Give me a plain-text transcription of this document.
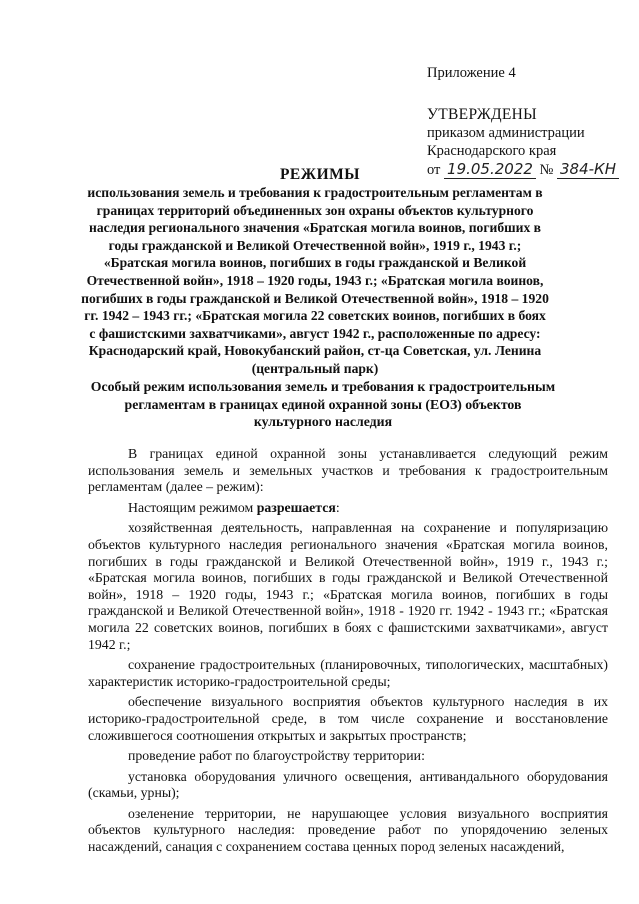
Приложение 4
УТВЕРЖДЕНЫ
приказом администрации
Краснодарского края
от 19.05.2022 № 384-КН
РЕЖИМЫ
использования земель и требования к градостроительным регламентам в границах территорий объединенных зон охраны объектов культурного наследия регионального значения «Братская могила воинов, погибших в годы гражданской и Великой Отечественной войн», 1919 г., 1943 г.; «Братская могила воинов, погибших в годы гражданской и Великой Отечественной войн», 1918 – 1920 годы, 1943 г.; «Братская могила воинов, погибших в годы гражданской и Великой Отечественной войн», 1918 – 1920 гг. 1942 – 1943 гг.; «Братская могила 22 советских воинов, погибших в боях с фашистскими захватчиками», август 1942 г., расположенные по адресу: Краснодарский край, Новокубанский район, ст-ца Советская, ул. Ленина (центральный парк)
Особый режим использования земель и требования к градостроительным регламентам в границах единой охранной зоны (ЕОЗ) объектов культурного наследия

В границах единой охранной зоны устанавливается следующий режим использования земель и земельных участков и требования к градостроительным регламентам (далее – режим):

Настоящим режимом разрешается:

хозяйственная деятельность, направленная на сохранение и популяризацию объектов культурного наследия регионального значения «Братская могила воинов, погибших в годы гражданской и Великой Отечественной войн», 1919 г., 1943 г.; «Братская могила воинов, погибших в годы гражданской и Великой Отечественной войн», 1918 – 1920 годы, 1943 г.; «Братская могила воинов, погибших в годы гражданской и Великой Отечественной войн», 1918 - 1920 гг. 1942 - 1943 гг.; «Братская могила 22 советских воинов, погибших в боях с фашистскими захватчиками», август 1942 г.;

сохранение градостроительных (планировочных, типологических, масштабных) характеристик историко-градостроительной среды;

обеспечение визуального восприятия объектов культурного наследия в их историко-градостроительной среде, в том числе сохранение и восстановление сложившегося соотношения открытых и закрытых пространств;

проведение работ по благоустройству территории:

установка оборудования уличного освещения, антивандального оборудования (скамьи, урны);

озеленение территории, не нарушающее условия визуального восприятия объектов культурного наследия: проведение работ по упорядочению зеленых насаждений, санация с сохранением состава ценных пород зеленых насаждений,
